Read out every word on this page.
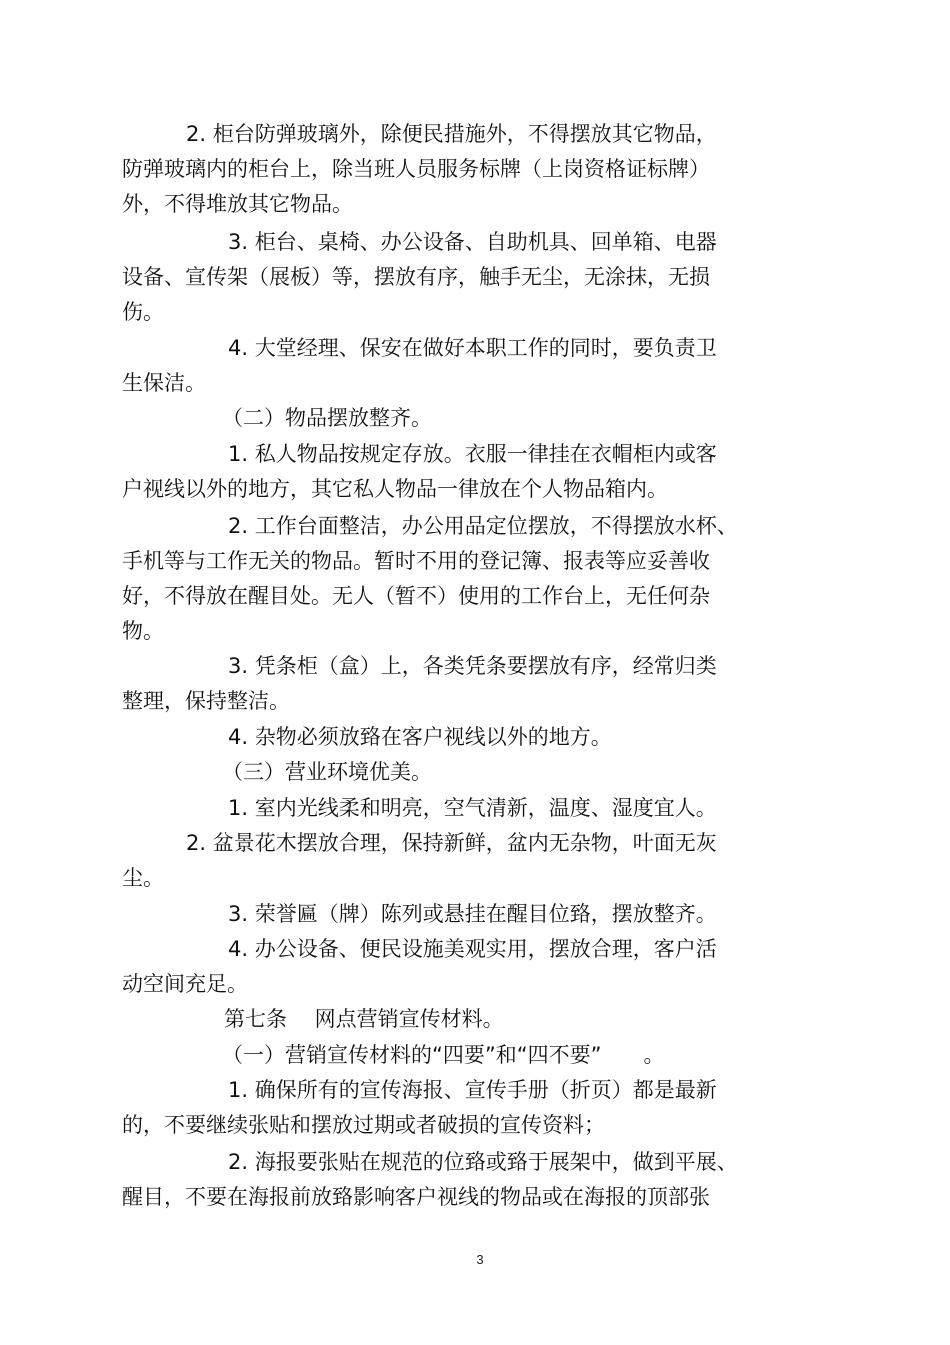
2. 柜台防弹玻璃外，除便民措施外，不得摆放其它物品，
防弹玻璃内的柜台上，除当班人员服务标牌（上岗资格证标牌）
外，不得堆放其它物品。
3. 柜台、桌椅、办公设备、自助机具、回单箱、电器
设备、宣传架（展板）等，摆放有序，触手无尘，无涂抹，无损
伤。
4. 大堂经理、保安在做好本职工作的同时，要负责卫
生保洁。
（二）物品摆放整齐。
1. 私人物品按规定存放。衣服一律挂在衣帽柜内或客
户视线以外的地方，其它私人物品一律放在个人物品箱内。
2. 工作台面整洁，办公用品定位摆放，不得摆放水杯、
手机等与工作无关的物品。暂时不用的登记簿、报表等应妥善收
好，不得放在醒目处。无人（暂不）使用的工作台上，无任何杂
物。
3. 凭条柜（盒）上，各类凭条要摆放有序，经常归类
整理，保持整洁。
4. 杂物必须放臵在客户视线以外的地方。
（三）营业环境优美。
1. 室内光线柔和明亮，空气清新，温度、湿度宜人。
2. 盆景花木摆放合理，保持新鲜，盆内无杂物，叶面无灰
尘。
3. 荣誉匾（牌）陈列或悬挂在醒目位臵，摆放整齐。
4. 办公设备、便民设施美观实用，摆放合理，客户活
动空间充足。
第七条　 网点营销宣传材料。
（一）营销宣传材料的“四要”和“四不要”　　。
1. 确保所有的宣传海报、宣传手册（折页）都是最新
的，不要继续张贴和摆放过期或者破损的宣传资料；
2. 海报要张贴在规范的位臵或臵于展架中，做到平展、
醒目，不要在海报前放臵影响客户视线的物品或在海报的顶部张
3
